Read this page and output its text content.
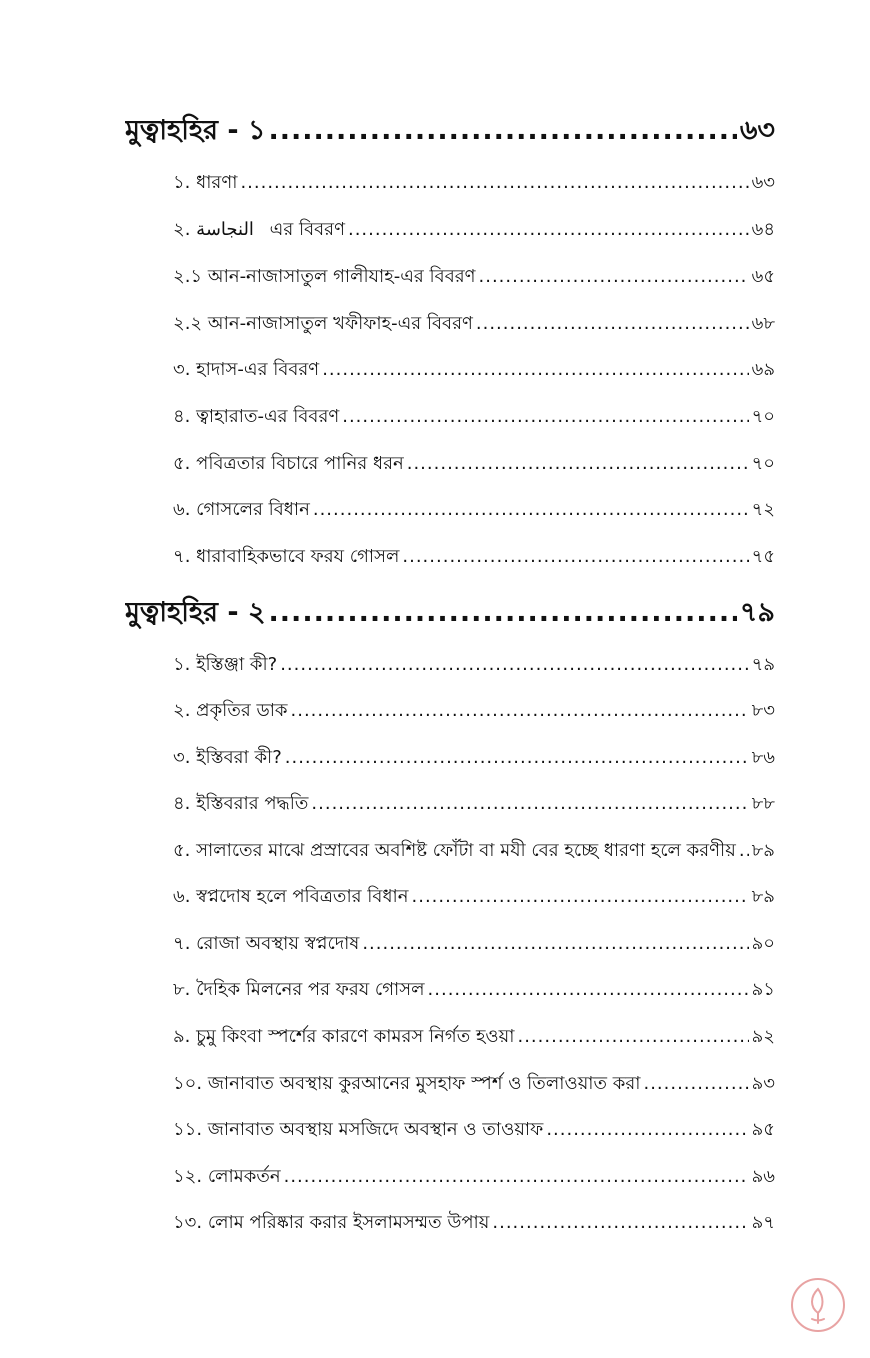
মুত্বাহহির - ১ .....	৬৩
১. ধারণা .....	৬৩
২. النجاسة এর বিবরণ .....	৬৪
২.১ আন-নাজাসাতুল গালীযাহ-এর বিবরণ .....	৬৫
২.২ আন-নাজাসাতুল খফীফাহ-এর বিবরণ .....	৬৮
৩. হাদাস-এর বিবরণ .....	৬৯
৪. ত্বাহারাত-এর বিবরণ .....	৭০
৫. পবিত্রতার বিচারে পানির ধরন .....	৭০
৬. গোসলের বিধান .....	৭২
৭. ধারাবাহিকভাবে ফরয গোসল .....	৭৫
মুত্বাহহির - ২ .....	৭৯
১. ইস্তিঞ্জা কী? .....	৭৯
২. প্রকৃতির ডাক .....	৮৩
৩. ইস্তিবরা কী? .....	৮৬
৪. ইস্তিবরার পদ্ধতি .....	৮৮
৫. সালাতের মাঝে প্রস্রাবের অবশিষ্ট ফোঁটা বা মযী বের হচ্ছে ধারণা হলে করণীয় ..... ৮৯
৬. স্বপ্নদোষ হলে পবিত্রতার বিধান .....	৮৯
৭. রোজা অবস্থায় স্বপ্নদোষ .....	৯০
৮. দৈহিক মিলনের পর ফরয গোসল .....	৯১
৯. চুমু কিংবা স্পর্শের কারণে কামরস নির্গত হওয়া .....	৯২
১০. জানাবাত অবস্থায় কুরআনের মুসহাফ স্পর্শ ও তিলাওয়াত করা .....	৯৩
১১. জানাবাত অবস্থায় মসজিদে অবস্থান ও তাওয়াফ .....	৯৫
১২. লোমকর্তন .....	৯৬
১৩. লোম পরিষ্কার করার ইসলামসম্মত উপায় .....	৯৭
